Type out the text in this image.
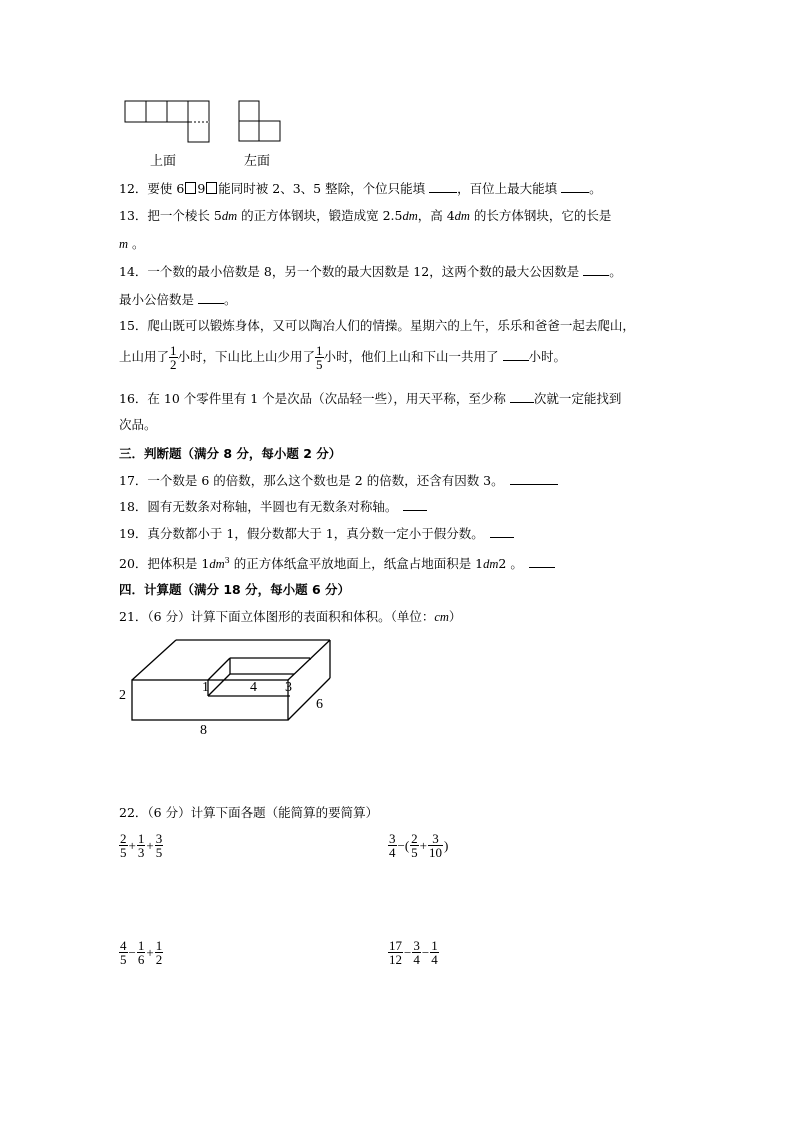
上面	左面
12．要使 6 9 能同时被 2、3、5 整除，个位只能填 ，百位上最大能填 。
13．把一个棱长 5dm 的正方体钢块，锻造成宽 2.5dm，高 4dm 的长方体钢块，它的长是
m 。
14．一个数的最小倍数是 8，另一个数的最大因数是 12，这两个数的最大公因数是 。
最小公倍数是 。
15．爬山既可以锻炼身体，又可以陶冶人们的情操。星期六的上午，乐乐和爸爸一起去爬山，
上山用了 $\frac{1}{2}$ 小时，下山比上山少用了 $\frac{1}{5}$ 小时，他们上山和下山一共用了 小时。
16．在 10 个零件里有 1 个是次品（次品轻一些），用天平称，至少称 次就一定能找到
次品。
三．判断题（满分 8 分，每小题 2 分）
17．一个数是 6 的倍数，那么这个数也是 2 的倍数，还含有因数 3。
18．圆有无数条对称轴，半圆也有无数条对称轴。
19．真分数都小于 1，假分数都大于 1，真分数一定小于假分数。
20．把体积是 $1dm^3$ 的正方体纸盒平放地面上，纸盒占地面积是 1dm2 。
四．计算题（满分 18 分，每小题 6 分）
21．（6 分）计算下面立体图形的表面积和体积。（单位：cm）
2
1	4 3
6
8
22．（6 分）计算下面各题（能简算的要简算）
$\frac{2}{5} + \frac{1}{3} + \frac{3}{5}$	$\frac{3}{4}$ −( $\frac{2}{5} + \frac{3}{10}$ )
$\frac{4}{5} - \frac{1}{6} + \frac{1}{2}$	$\frac{17}{12} - \frac{3}{4} - \frac{1}{4}$
